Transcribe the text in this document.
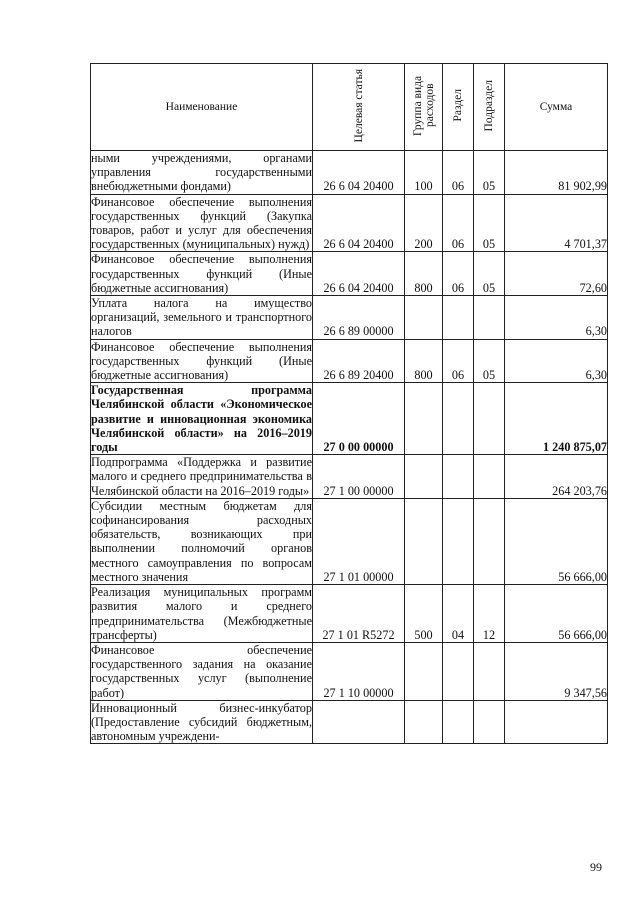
Наименование	Целевая статья	Группа вида расходов	Раздел	Подраздел	Сумма
ными учреждениями, органами управления государственными внебюджетными фондами)	26 6 04 20400	100	06	05	81 902,99
Финансовое обеспечение выполнения государственных функций (Закупка товаров, работ и услуг для обеспечения государственных (муниципальных) нужд)	26 6 04 20400	200	06	05	4 701,37
Финансовое обеспечение выполнения государственных функций (Иные бюджетные ассигнования)	26 6 04 20400	800	06	05	72,60
Уплата налога на имущество организаций, земельного и транспортного налогов	26 6 89 00000				6,30
Финансовое обеспечение выполнения государственных функций (Иные бюджетные ассигнования)	26 6 89 20400	800	06	05	6,30
Государственная программа Челябинской области «Экономическое развитие и инновационная экономика Челябинской области» на 2016–2019 годы	27 0 00 00000				1 240 875,07
Подпрограмма «Поддержка и развитие малого и среднего предпринимательства в Челябинской области на 2016–2019 годы»	27 1 00 00000				264 203,76
Субсидии местным бюджетам для софинансирования расходных обязательств, возникающих при выполнении полномочий органов местного самоуправления по вопросам местного значения	27 1 01 00000				56 666,00
Реализация муниципальных программ развития малого и среднего предпринимательства (Межбюджетные трансферты)	27 1 01 R5272	500	04	12	56 666,00
Финансовое обеспечение государственного задания на оказание государственных услуг (выполнение работ)	27 1 10 00000				9 347,56
Инновационный бизнес-инкубатор (Предоставление субсидий бюджетным, автономным учреждени-					
99
